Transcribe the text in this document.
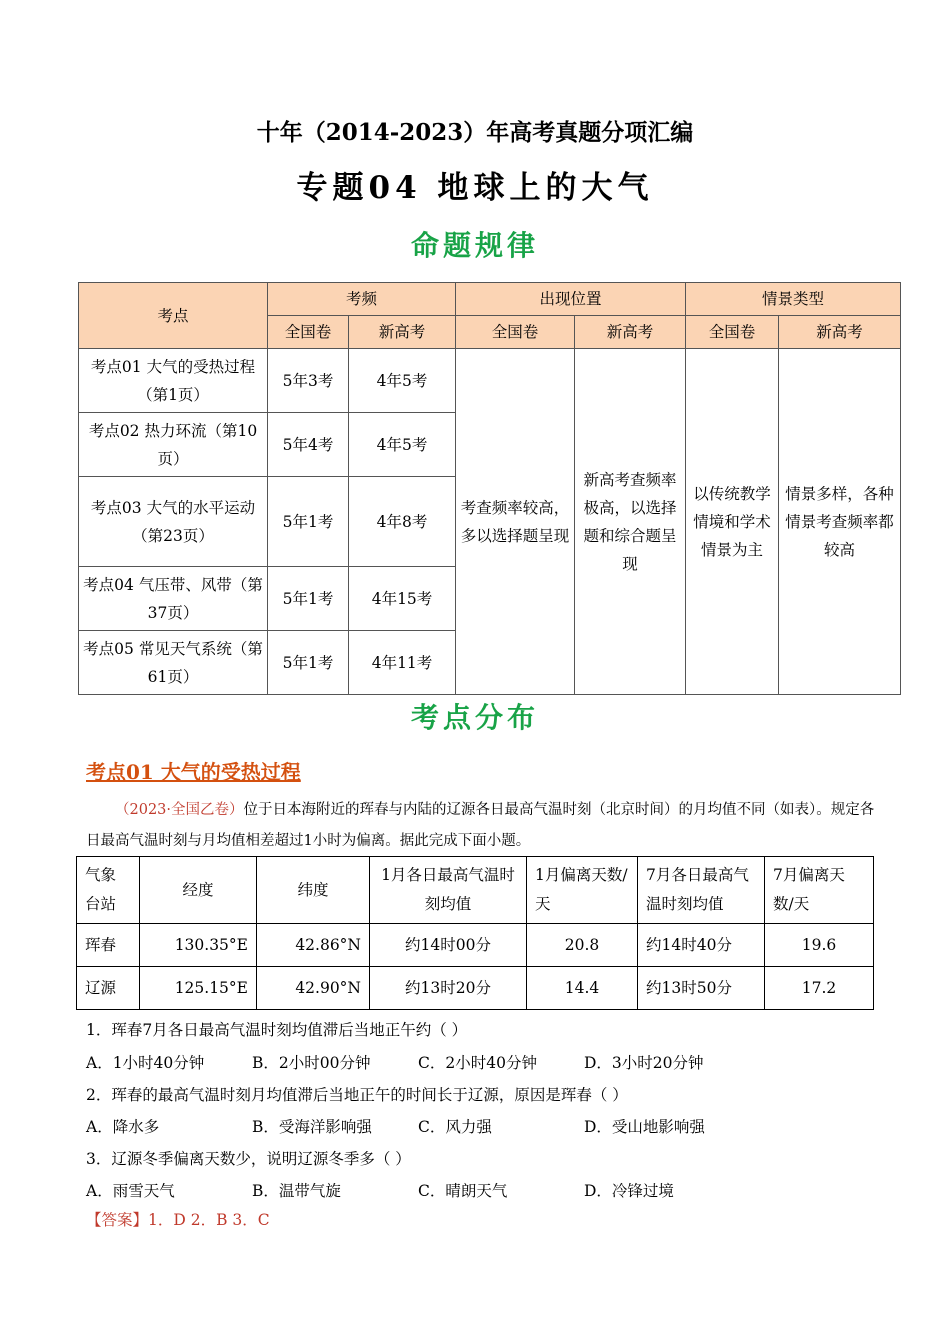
十年（2014-2023）年高考真题分项汇编
专题04 地球上的大气
命题规律
考点	考频		出现位置		情景类型	
	全国卷	新高考	全国卷	新高考	全国卷	新高考
考点01 大气的受热过程（第1页）	5年3考	4年5考	考查频率较高，多以选择题呈现	新高考查频率极高，以选择题和综合题呈现	以传统教学情境和学术情景为主	情景多样，各种情景考查频率都较高
考点02 热力环流（第10页）	5年4考	4年5考				
考点03 大气的水平运动（第23页）	5年1考	4年8考				
考点04 气压带、风带（第37页）	5年1考	4年15考				
考点05 常见天气系统（第61页）	5年1考	4年11考				
考点分布
考点01 大气的受热过程
（2023·全国乙卷）位于日本海附近的珲春与内陆的辽源各日最高气温时刻（北京时间）的月均值不同（如表）。规定各日最高气温时刻与月均值相差超过1小时为偏离。据此完成下面小题。
气象台站	经度	纬度	1月各日最高气温时刻均值	1月偏离天数/天	7月各日最高气温时刻均值	7月偏离天数/天
珲春	130.35°E	42.86°N	约14时00分	20.8	约14时40分	19.6
辽源	125.15°E	42.90°N	约13时20分	14.4	约13时50分	17.2
1．珲春7月各日最高气温时刻均值滞后当地正午约（ ）
A．1小时40分钟	B．2小时00分钟	C．2小时40分钟	D．3小时20分钟
2．珲春的最高气温时刻月均值滞后当地正午的时间长于辽源，原因是珲春（ ）
A．降水多	B．受海洋影响强	C．风力强	D．受山地影响强
3．辽源冬季偏离天数少，说明辽源冬季多（ ）
A．雨雪天气	B．温带气旋	C．晴朗天气	D．冷锋过境
【答案】1．D 2．B 3．C
